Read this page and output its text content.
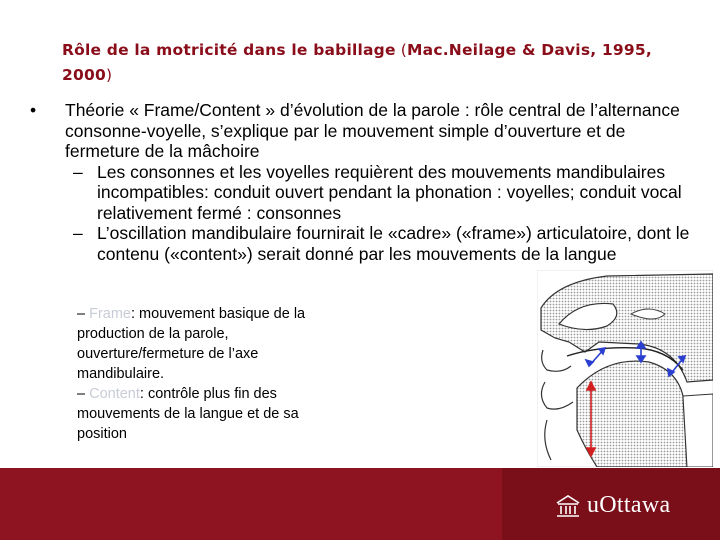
Rôle de la motricité dans le babillage (Mac.Neilage & Davis, 1995, 2000)
• Théorie « Frame/Content » d’évolution de la parole : rôle central de l’alternance consonne-voyelle, s’explique par le mouvement simple d’ouverture et de fermeture de la mâchoire
– Les consonnes et les voyelles requièrent des mouvements mandibulaires incompatibles: conduit ouvert pendant la phonation : voyelles; conduit vocal relativement fermé : consonnes
– L’oscillation mandibulaire fournirait le «cadre» («frame») articulatoire, dont le contenu («content») serait donné par les mouvements de la langue
– Frame: mouvement basique de la production de la parole, ouverture/fermeture de l’axe mandibulaire.
– Content: contrôle plus fin des mouvements de la langue et de sa position
uOttawa
